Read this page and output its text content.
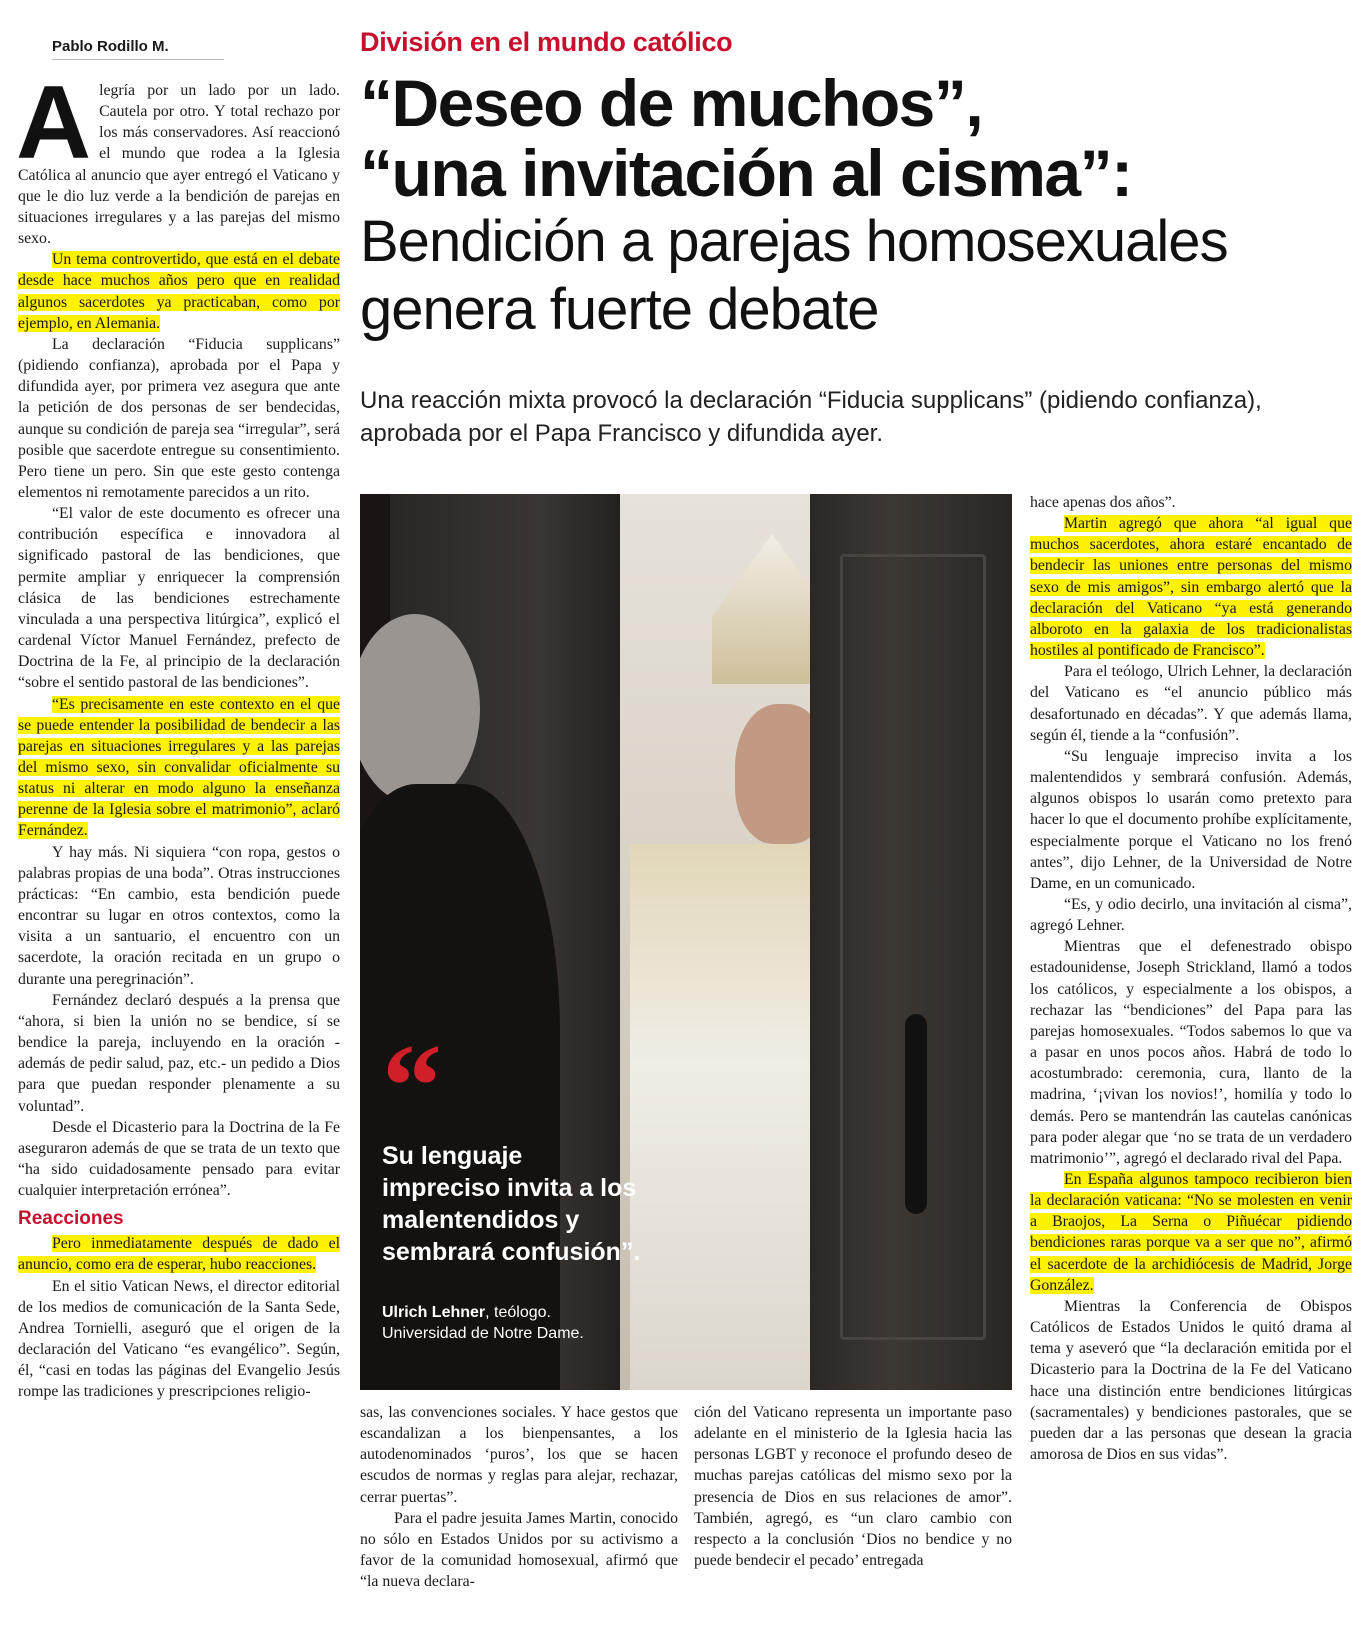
Pablo Rodillo M.	División en el mundo católico
“Deseo de muchos”,
“una invitación al cisma”:
Bendición a parejas homosexuales
genera fuerte debate
Una reacción mixta provocó la declaración “Fiducia supplicans” (pidiendo confianza), aprobada por el Papa Francisco y difundida ayer.

Alegría por un lado por un lado. Cautela por otro. Y total rechazo por los más conservadores. Así reaccionó el mundo que rodea a la Iglesia Católica al anuncio que ayer entregó el Vaticano y que le dio luz verde a la bendición de parejas en situaciones irregulares y a las parejas del mismo sexo.

Un tema controvertido, que está en el debate desde hace muchos años pero que en realidad algunos sacerdotes ya practicaban, como por ejemplo, en Alemania.

La declaración “Fiducia supplicans” (pidiendo confianza), aprobada por el Papa y difundida ayer, por primera vez asegura que ante la petición de dos personas de ser bendecidas, aunque su condición de pareja sea “irregular”, será posible que sacerdote entregue su consentimiento. Pero tiene un pero. Sin que este gesto contenga elementos ni remotamente parecidos a un rito.

“El valor de este documento es ofrecer una contribución específica e innovadora al significado pastoral de las bendiciones, que permite ampliar y enriquecer la comprensión clásica de las bendiciones estrechamente vinculada a una perspectiva litúrgica”, explicó el cardenal Víctor Manuel Fernández, prefecto de Doctrina de la Fe, al principio de la declaración “sobre el sentido pastoral de las bendiciones”.

“Es precisamente en este contexto en el que se puede entender la posibilidad de bendecir a las parejas en situaciones irregulares y a las parejas del mismo sexo, sin convalidar oficialmente su status ni alterar en modo alguno la enseñanza perenne de la Iglesia sobre el matrimonio”, aclaró Fernández.

Y hay más. Ni siquiera “con ropa, gestos o palabras propias de una boda”. Otras instrucciones prácticas: “En cambio, esta bendición puede encontrar su lugar en otros contextos, como la visita a un santuario, el encuentro con un sacerdote, la oración recitada en un grupo o durante una peregrinación”.

Fernández declaró después a la prensa que “ahora, si bien la unión no se bendice, sí se bendice la pareja, incluyendo en la oración -además de pedir salud, paz, etc.- un pedido a Dios para que puedan responder plenamente a su voluntad”.

Desde el Dicasterio para la Doctrina de la Fe aseguraron además de que se trata de un texto que “ha sido cuidadosamente pensado para evitar cualquier interpretación errónea”.

Reacciones

Pero inmediatamente después de dado el anuncio, como era de esperar, hubo reacciones.

En el sitio Vatican News, el director editorial de los medios de comunicación de la Santa Sede, Andrea Tornielli, aseguró que el origen de la declaración del Vaticano “es evangélico”. Según, él, “casi en todas las páginas del Evangelio Jesús rompe las tradiciones y prescripciones religio-

“
Su lenguaje impreciso invita a los malentendidos y sembrará confusión”.
Ulrich Lehner, teólogo.
Universidad de Notre Dame.

sas, las convenciones sociales. Y hace gestos que escandalizan a los bienpensantes, a los autodenominados ‘puros’, los que se hacen escudos de normas y reglas para alejar, rechazar, cerrar puertas”.

Para el padre jesuita James Martin, conocido no sólo en Estados Unidos por su activismo a favor de la comunidad homosexual, afirmó que “la nueva declara-

ción del Vaticano representa un importante paso adelante en el ministerio de la Iglesia hacia las personas LGBT y reconoce el profundo deseo de muchas parejas católicas del mismo sexo por la presencia de Dios en sus relaciones de amor”. También, agregó, es “un claro cambio con respecto a la conclusión ‘Dios no bendice y no puede bendecir el pecado’ entregada

hace apenas dos años”.

Martin agregó que ahora “al igual que muchos sacerdotes, ahora estaré encantado de bendecir las uniones entre personas del mismo sexo de mis amigos”, sin embargo alertó que la declaración del Vaticano “ya está generando alboroto en la galaxia de los tradicionalistas hostiles al pontificado de Francisco”.

Para el teólogo, Ulrich Lehner, la declaración del Vaticano es “el anuncio público más desafortunado en décadas”. Y que además llama, según él, tiende a la “confusión”.

“Su lenguaje impreciso invita a los malentendidos y sembrará confusión. Además, algunos obispos lo usarán como pretexto para hacer lo que el documento prohíbe explícitamente, especialmente porque el Vaticano no los frenó antes”, dijo Lehner, de la Universidad de Notre Dame, en un comunicado.

“Es, y odio decirlo, una invitación al cisma”, agregó Lehner.

Mientras que el defenestrado obispo estadounidense, Joseph Strickland, llamó a todos los católicos, y especialmente a los obispos, a rechazar las “bendiciones” del Papa para las parejas homosexuales. “Todos sabemos lo que va a pasar en unos pocos años. Habrá de todo lo acostumbrado: ceremonia, cura, llanto de la madrina, ‘¡vivan los novios!’, homilía y todo lo demás. Pero se mantendrán las cautelas canónicas para poder alegar que ‘no se trata de un verdadero matrimonio’”, agregó el declarado rival del Papa.

En España algunos tampoco recibieron bien la declaración vaticana: “No se molesten en venir a Braojos, La Serna o Piñuécar pidiendo bendiciones raras porque va a ser que no”, afirmó el sacerdote de la archidiócesis de Madrid, Jorge González.

Mientras la Conferencia de Obispos Católicos de Estados Unidos le quitó drama al tema y aseveró que “la declaración emitida por el Dicasterio para la Doctrina de la Fe del Vaticano hace una distinción entre bendiciones litúrgicas (sacramentales) y bendiciones pastorales, que se pueden dar a las personas que desean la gracia amorosa de Dios en sus vidas”.
